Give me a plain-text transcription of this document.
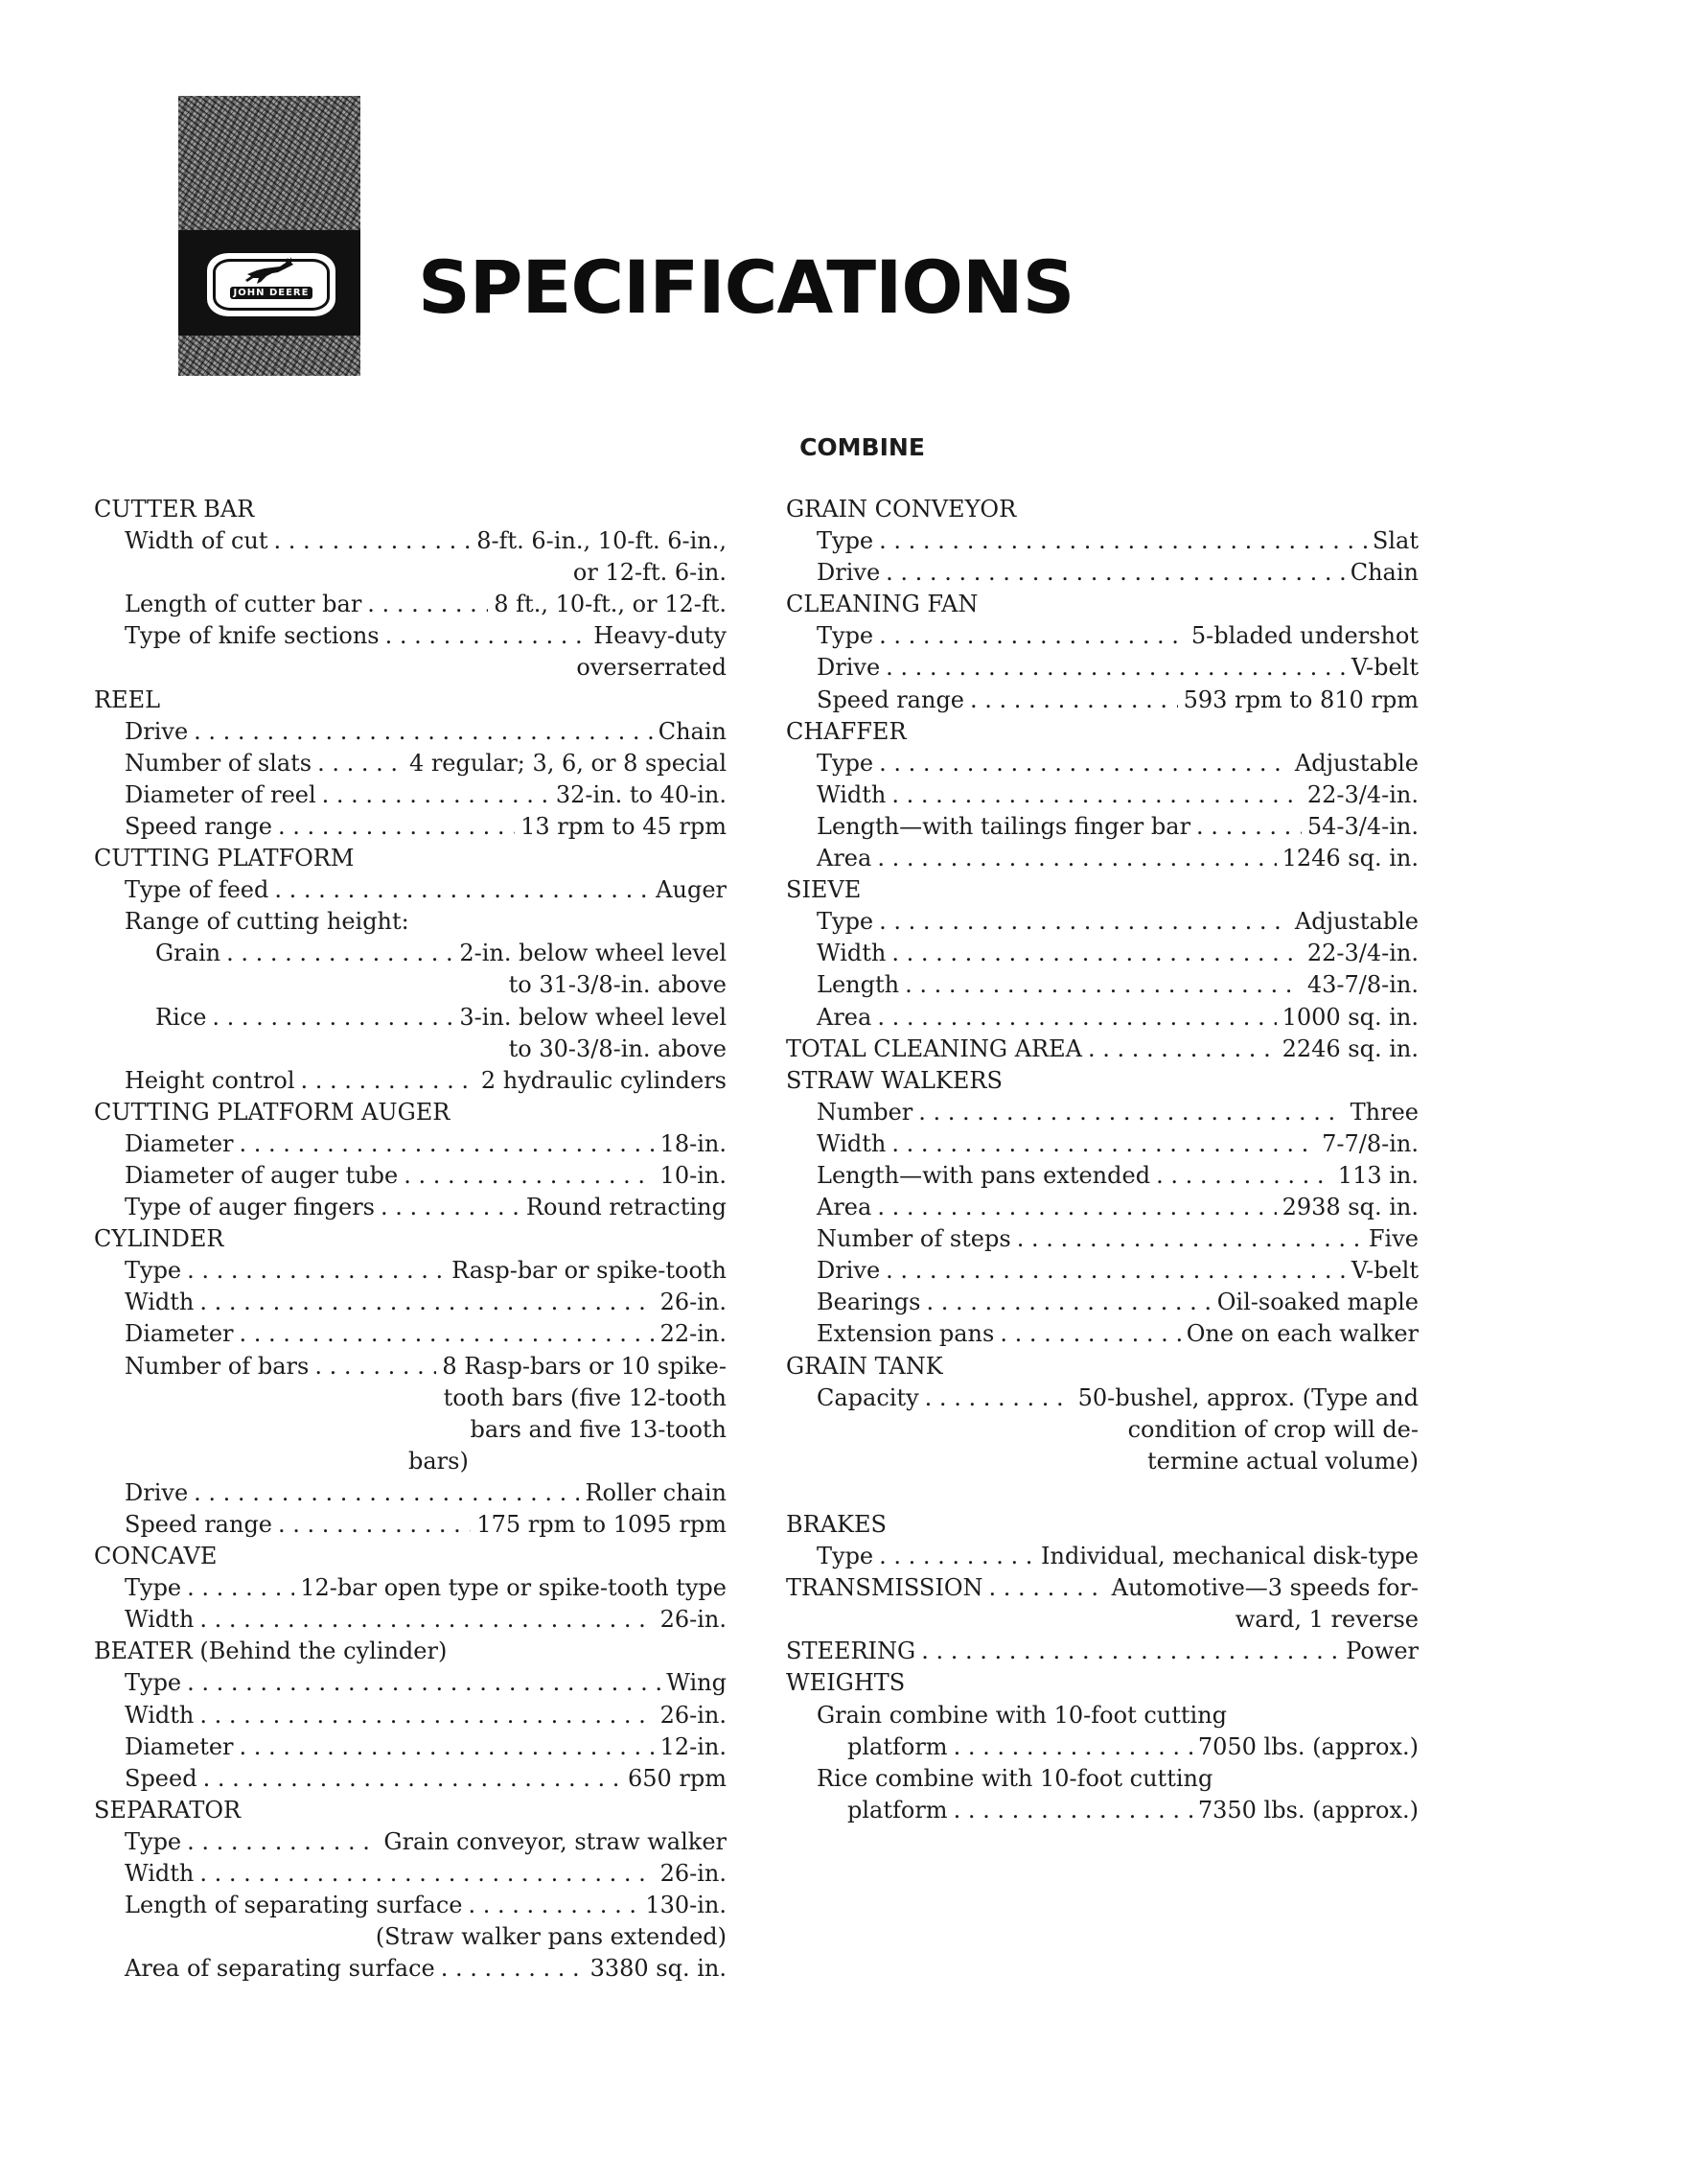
JOHN DEERE	SPECIFICATIONS
COMBINE
CUTTER BAR
Width of cut . . .	8-ft. 6-in., 10-ft. 6-in.,
or 12-ft. 6-in.
Length of cutter bar . . .	8 ft., 10-ft., or 12-ft.
Type of knife sections . . .	Heavy-duty
overserrated
REEL
Drive . . .	Chain
Number of slats . . .	4 regular; 3, 6, or 8 special
Diameter of reel . . .	32-in. to 40-in.
Speed range . . .	13 rpm to 45 rpm
CUTTING PLATFORM
Type of feed . . .	Auger
Range of cutting height:
Grain . . .	2-in. below wheel level
to 31-3/8-in. above
Rice . . .	3-in. below wheel level
to 30-3/8-in. above
Height control . . .	2 hydraulic cylinders
CUTTING PLATFORM AUGER
Diameter . . .	18-in.
Diameter of auger tube . . .	10-in.
Type of auger fingers . . .	Round retracting
CYLINDER
Type . . .	Rasp-bar or spike-tooth
Width . . .	26-in.
Diameter . . .	22-in.
Number of bars . . .	8 Rasp-bars or 10 spike-
tooth bars (five 12-tooth
bars and five 13-tooth
bars)
Drive . . .	Roller chain
Speed range . . .	175 rpm to 1095 rpm
CONCAVE
Type . . .	12-bar open type or spike-tooth type
Width . . .	26-in.
BEATER (Behind the cylinder)
Type . . .	Wing
Width . . .	26-in.
Diameter . . .	12-in.
Speed . . .	650 rpm
SEPARATOR
Type . . .	Grain conveyor, straw walker
Width . . .	26-in.
Length of separating surface . . .	130-in.
(Straw walker pans extended)
Area of separating surface . . .	3380 sq. in.
GRAIN CONVEYOR
Type . . .	Slat
Drive . . .	Chain
CLEANING FAN
Type . . .	5-bladed undershot
Drive . . .	V-belt
Speed range . . .	593 rpm to 810 rpm
CHAFFER
Type . . .	Adjustable
Width . . .	22-3/4-in.
Length—with tailings finger bar . . .	54-3/4-in.
Area . . .	1246 sq. in.
SIEVE
Type . . .	Adjustable
Width . . .	22-3/4-in.
Length . . .	43-7/8-in.
Area . . .	1000 sq. in.
TOTAL CLEANING AREA . . .	2246 sq. in.
STRAW WALKERS
Number . . .	Three
Width . . .	7-7/8-in.
Length—with pans extended . . .	113 in.
Area . . .	2938 sq. in.
Number of steps . . .	Five
Drive . . .	V-belt
Bearings . . .	Oil-soaked maple
Extension pans . . .	One on each walker
GRAIN TANK
Capacity . . .	50-bushel, approx. (Type and
condition of crop will de-
termine actual volume)
BRAKES
Type . . .	Individual, mechanical disk-type
TRANSMISSION . . .	Automotive—3 speeds for-
ward, 1 reverse
STEERING . . .	Power
WEIGHTS
Grain combine with 10-foot cutting
platform . . .	7050 lbs. (approx.)
Rice combine with 10-foot cutting
platform . . .	7350 lbs. (approx.)
